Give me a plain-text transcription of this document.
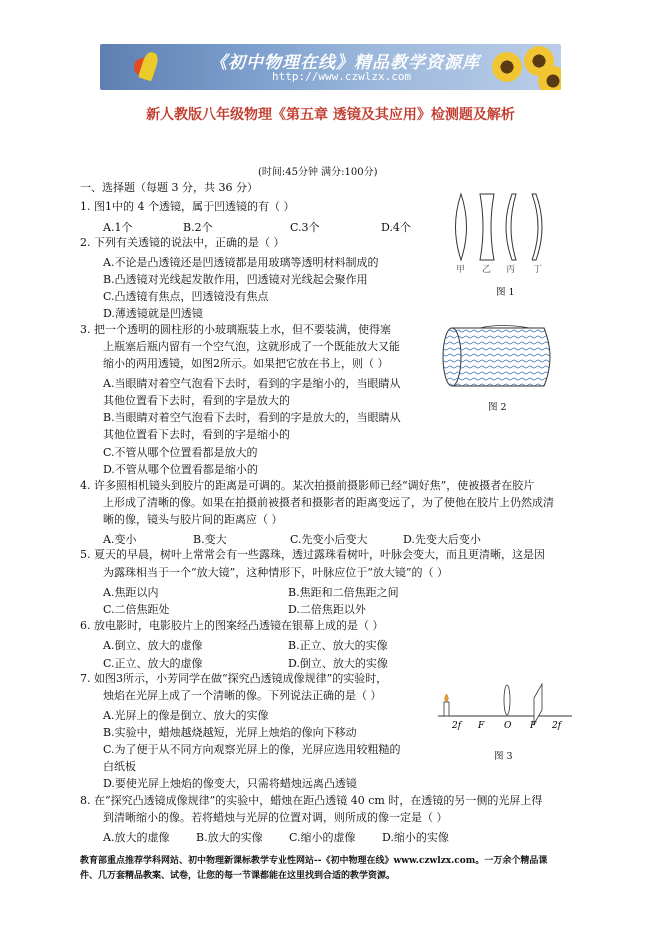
《初中物理在线》精品教学资源库
http://www.czwlzx.com
新人教版八年级物理《第五章 透镜及其应用》检测题及解析
(时间:45分钟 满分:100分)
一、选择题（每题 3 分，共 36 分）
1. 图1中的 4 个透镜，属于凹透镜的有（ ）
A.1个	B.2个	C.3个	D.4个
2. 下列有关透镜的说法中，正确的是（ ）
A.不论是凸透镜还是凹透镜都是用玻璃等透明材料制成的
B.凸透镜对光线起发散作用，凹透镜对光线起会聚作用
C.凸透镜有焦点，凹透镜没有焦点
D.薄透镜就是凹透镜
3. 把一个透明的圆柱形的小玻璃瓶装上水，但不要装满，使得塞
上瓶塞后瓶内留有一个空气泡，这就形成了一个既能放大又能
缩小的两用透镜，如图2所示。如果把它放在书上，则（ ）
A.当眼睛对着空气泡看下去时，看到的字是缩小的，当眼睛从
其他位置看下去时，看到的字是放大的
B.当眼睛对着空气泡看下去时，看到的字是放大的，当眼睛从
其他位置看下去时，看到的字是缩小的
C.不管从哪个位置看都是放大的
D.不管从哪个位置看都是缩小的
4. 许多照相机镜头到胶片的距离是可调的。某次拍摄前摄影师已经“调好焦”，使被摄者在胶片
上形成了清晰的像。如果在拍摄前被摄者和摄影者的距离变远了，为了使他在胶片上仍然成清
晰的像，镜头与胶片间的距离应（ ）
A.变小	B.变大	C.先变小后变大	D.先变大后变小
5. 夏天的早晨，树叶上常常会有一些露珠，透过露珠看树叶，叶脉会变大，而且更清晰，这是因
为露珠相当于一个“放大镜”，这种情形下，叶脉应位于“放大镜”的（ ）
A.焦距以内	B.焦距和二倍焦距之间
C.二倍焦距处	D.二倍焦距以外
6. 放电影时，电影胶片上的图案经凸透镜在银幕上成的是（ ）
A.倒立、放大的虚像	B.正立、放大的实像
C.正立、放大的虚像	D.倒立、放大的实像
7. 如图3所示，小芳同学在做“探究凸透镜成像规律”的实验时，
烛焰在光屏上成了一个清晰的像。下列说法正确的是（ ）
A.光屏上的像是倒立、放大的实像
B.实验中，蜡烛越烧越短，光屏上烛焰的像向下移动
C.为了便于从不同方向观察光屏上的像，光屏应选用较粗糙的
白纸板
D.要使光屏上烛焰的像变大，只需将蜡烛远离凸透镜
8. 在“探究凸透镜成像规律”的实验中，蜡烛在距凸透镜 40 cm 时，在透镜的另一侧的光屏上得
到清晰缩小的像。若将蜡烛与光屏的位置对调，则所成的像一定是（ ）
A.放大的虚像 B.放大的实像 C.缩小的虚像 D.缩小的实像
甲 乙 丙 丁
图 1
图 2
2f F O F 2f
图 3
教育部重点推荐学科网站、初中物理新课标教学专业性网站--《初中物理在线》www.czwlzx.com。一万余个精品课
件、几万套精品教案、试卷，让您的每一节课都能在这里找到合适的教学资源。
